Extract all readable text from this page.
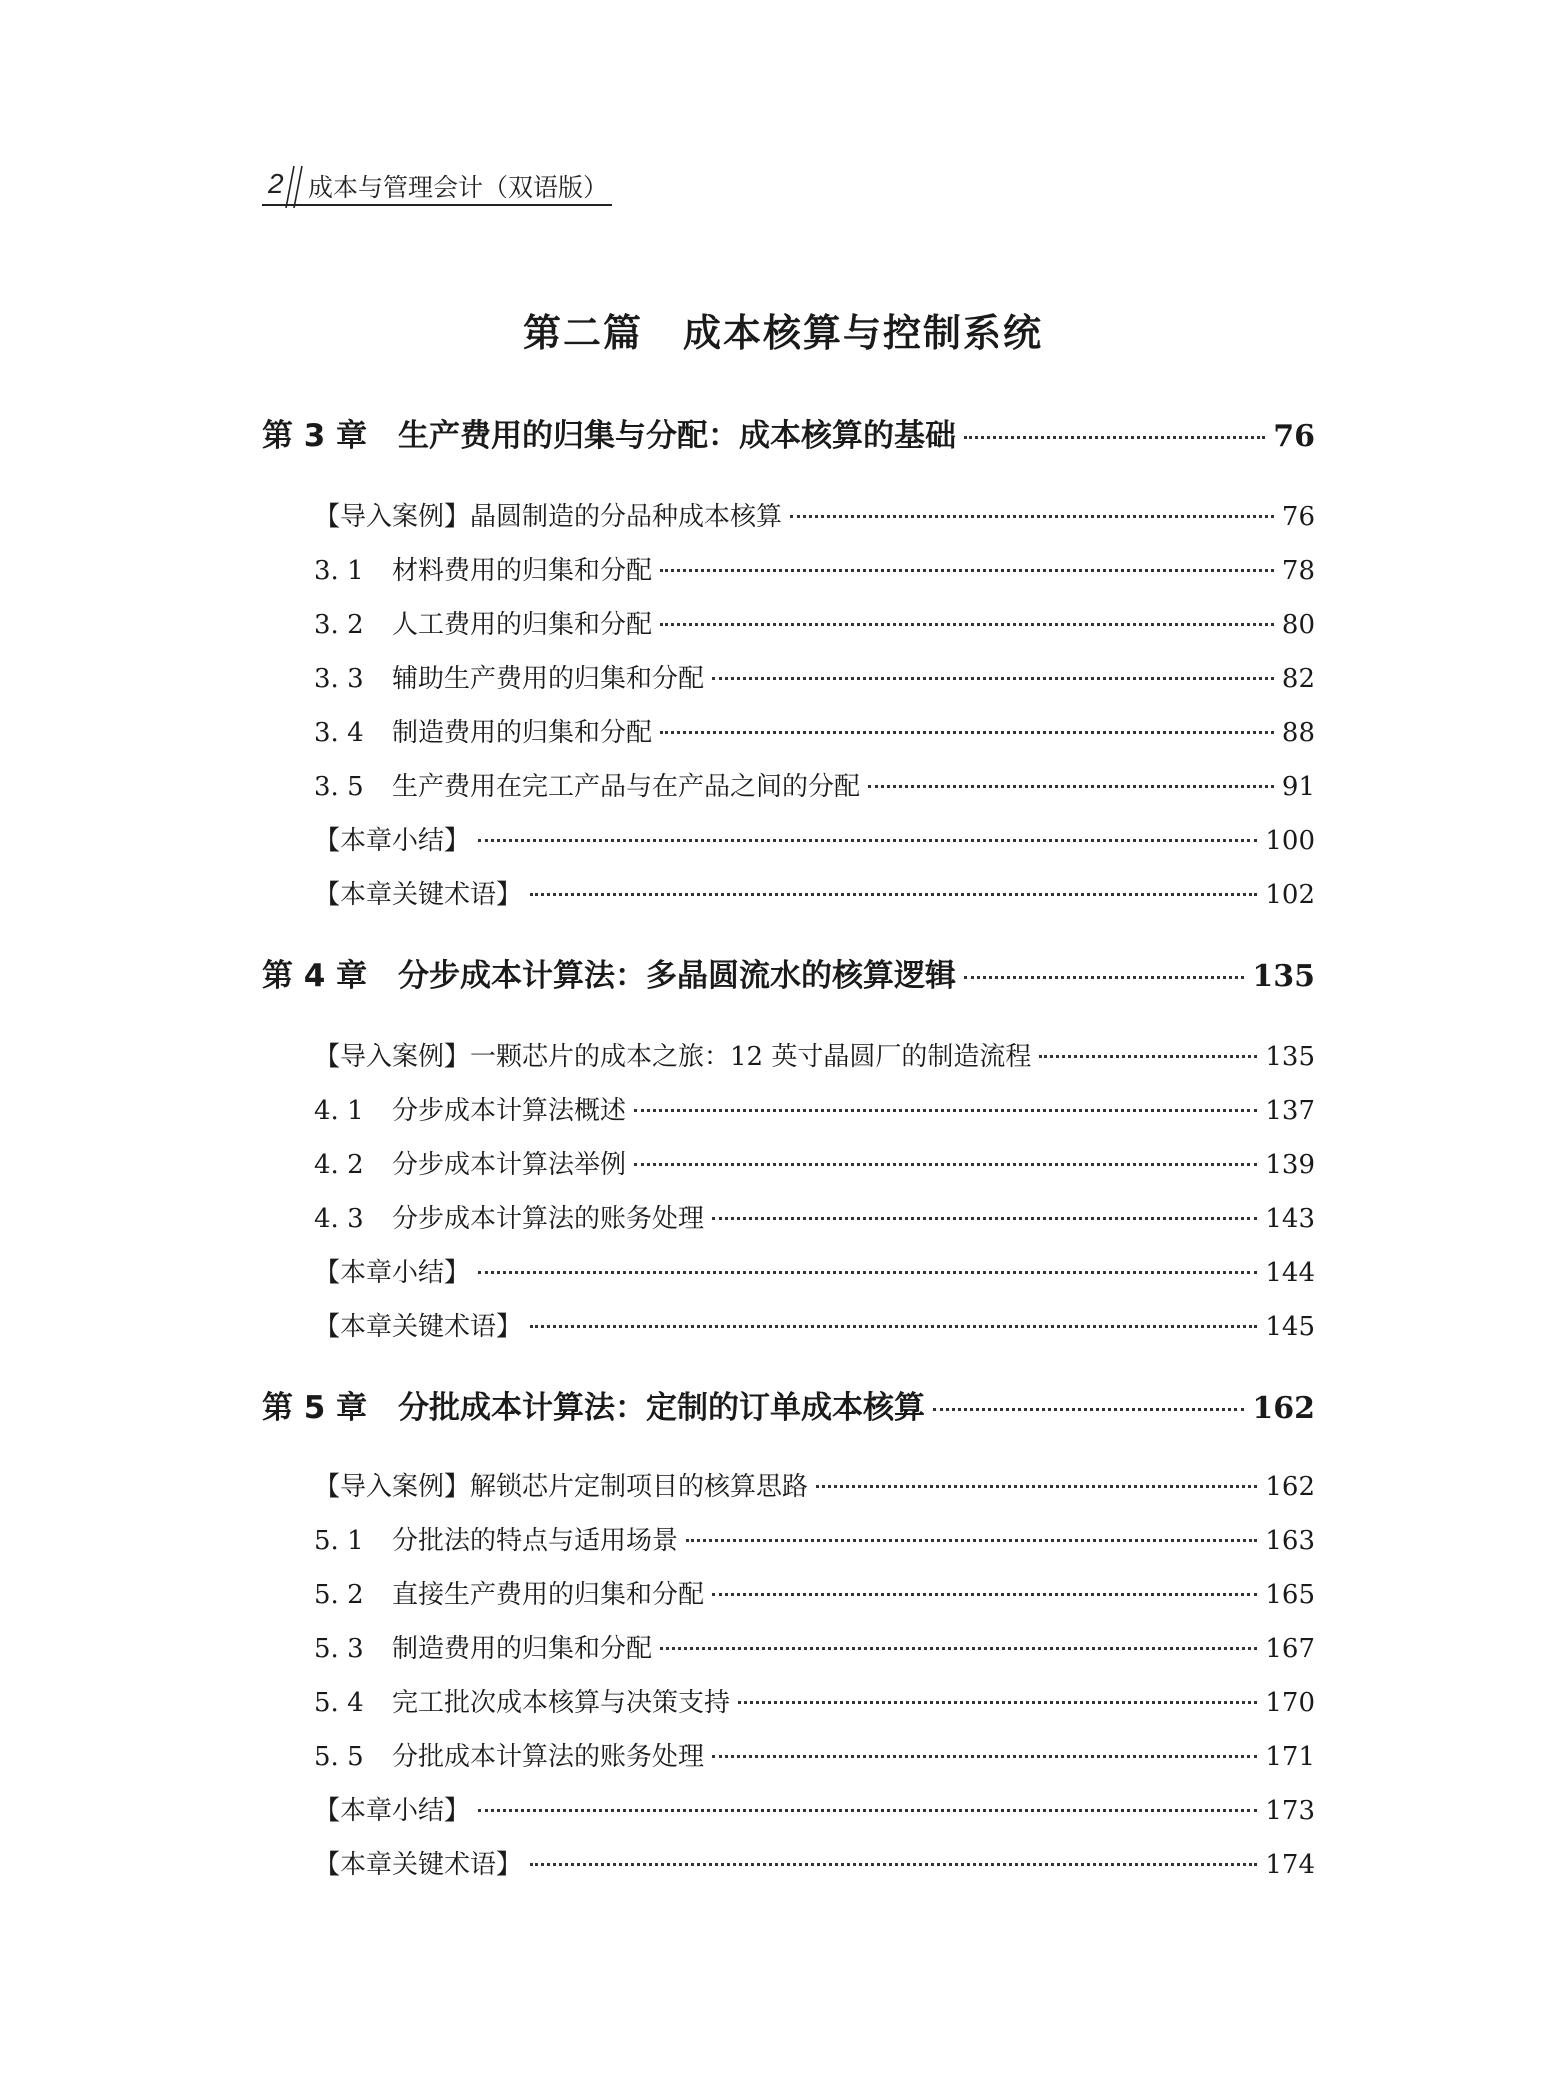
2 成本与管理会计（双语版）
第二篇　成本核算与控制系统
第 3 章 生产费用的归集与分配：成本核算的基础	76
【导入案例】晶圆制造的分品种成本核算	76
3. 1	材料费用的归集和分配	78
3. 2	人工费用的归集和分配	80
3. 3	辅助生产费用的归集和分配	82
3. 4	制造费用的归集和分配	88
3. 5	生产费用在完工产品与在产品之间的分配	91
【本章小结】	100
【本章关键术语】	102
第 4 章 分步成本计算法：多晶圆流水的核算逻辑	135
【导入案例】一颗芯片的成本之旅：12 英寸晶圆厂的制造流程	135
4. 1	分步成本计算法概述	137
4. 2	分步成本计算法举例	139
4. 3	分步成本计算法的账务处理	143
【本章小结】	144
【本章关键术语】	145
第 5 章 分批成本计算法：定制的订单成本核算	162
【导入案例】解锁芯片定制项目的核算思路	162
5. 1	分批法的特点与适用场景	163
5. 2	直接生产费用的归集和分配	165
5. 3	制造费用的归集和分配	167
5. 4	完工批次成本核算与决策支持	170
5. 5	分批成本计算法的账务处理	171
【本章小结】	173
【本章关键术语】	174
